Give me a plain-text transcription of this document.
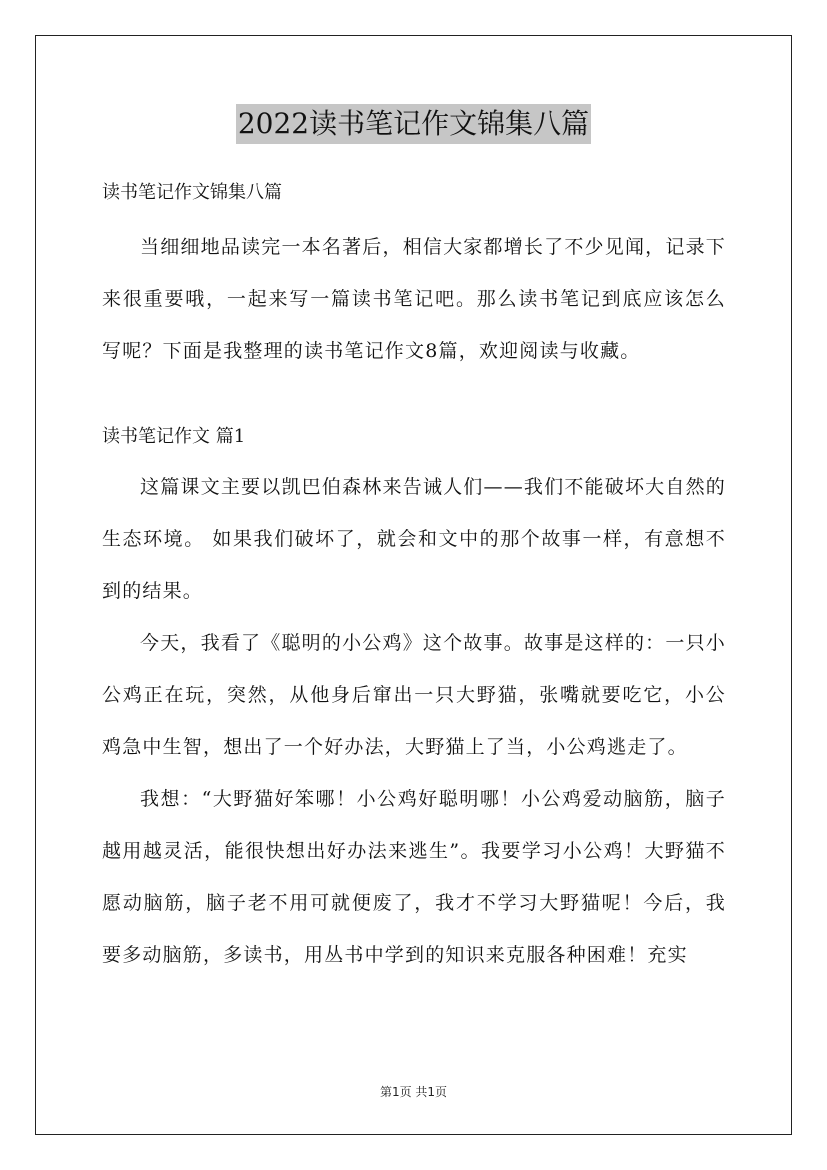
2022读书笔记作文锦集八篇
读书笔记作文锦集八篇

当细细地品读完一本名著后，相信大家都增长了不少见闻，记录下来很重要哦，一起来写一篇读书笔记吧。那么读书笔记到底应该怎么写呢？下面是我整理的读书笔记作文8篇，欢迎阅读与收藏。

读书笔记作文 篇1

这篇课文主要以凯巴伯森林来告诫人们——我们不能破坏大自然的生态环境。 如果我们破坏了，就会和文中的那个故事一样，有意想不到的结果。

今天，我看了《聪明的小公鸡》这个故事。故事是这样的：一只小公鸡正在玩，突然，从他身后窜出一只大野猫，张嘴就要吃它，小公鸡急中生智，想出了一个好办法，大野猫上了当，小公鸡逃走了。

我想：“大野猫好笨哪！小公鸡好聪明哪！小公鸡爱动脑筋，脑子越用越灵活，能很快想出好办法来逃生”。我要学习小公鸡！大野猫不愿动脑筋，脑子老不用可就便废了，我才不学习大野猫呢！今后，我要多动脑筋，多读书，用丛书中学到的知识来克服各种困难！充实

第1页 共1页
